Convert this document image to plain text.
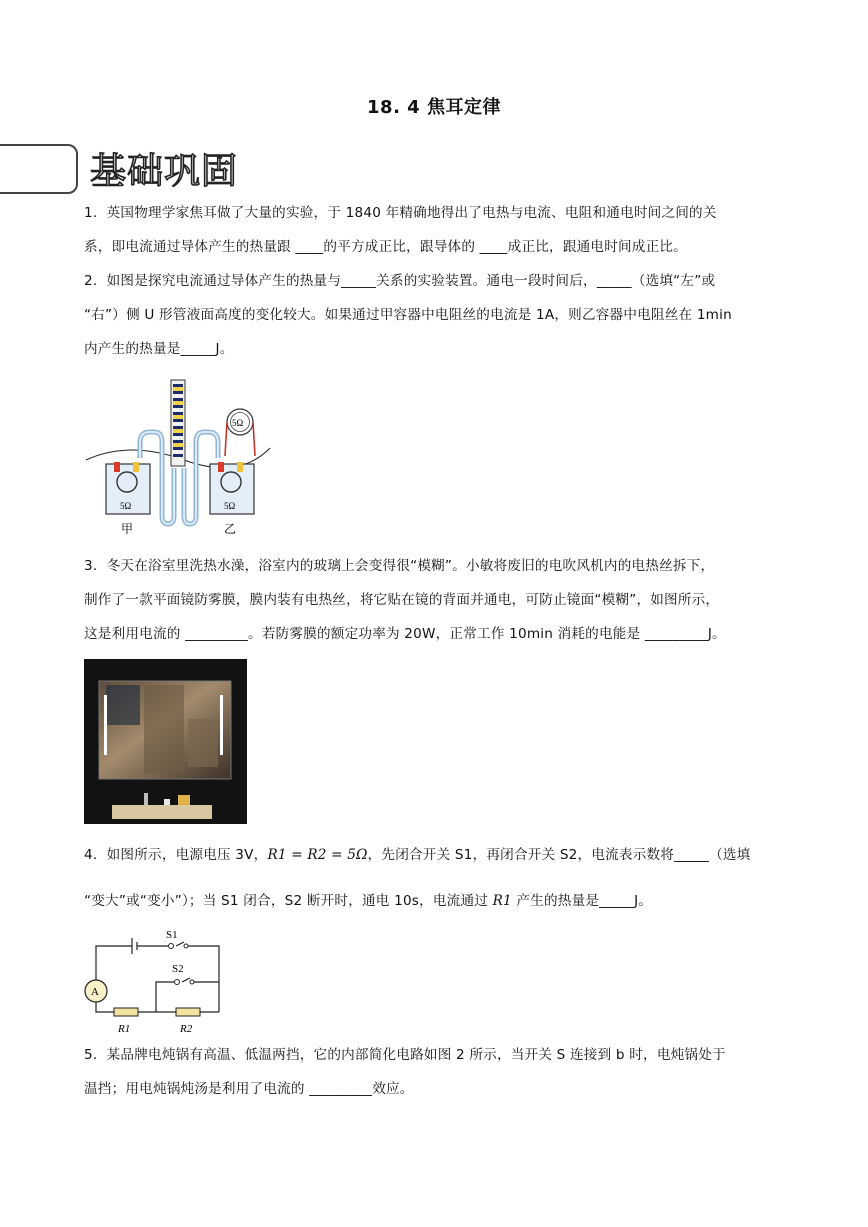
18. 4 焦耳定律
基础巩固

1．英国物理学家焦耳做了大量的实验，于 1840 年精确地得出了电热与电流、电阻和通电时间之间的关

系，即电流通过导体产生的热量跟 ____的平方成正比，跟导体的 ____成正比，跟通电时间成正比。

2．如图是探究电流通过导体产生的热量与_____关系的实验装置。通电一段时间后，_____（选填“左”或

“右”）侧 U 形管液面高度的变化较大。如果通过甲容器中电阻丝的电流是 1A，则乙容器中电阻丝在 1min

内产生的热量是_____J。

5Ω	5Ω
5Ω
甲	乙

3．冬天在浴室里洗热水澡，浴室内的玻璃上会变得很“模糊”。小敏将废旧的电吹风机内的电热丝拆下，

制作了一款平面镜防雾膜，膜内装有电热丝，将它贴在镜的背面并通电，可防止镜面“模糊”，如图所示，

这是利用电流的 _________。若防雾膜的额定功率为 20W，正常工作 10min 消耗的电能是 _________J。

4．如图所示，电源电压 3V，R1 = R2 = 5Ω，先闭合开关 S1，再闭合开关 S2，电流表示数将_____（选填

“变大”或“变小”）；当 S1 闭合，S2 断开时，通电 10s，电流通过 R1 产生的热量是_____J。

A
S1
S2
R1	R2

5．某品牌电炖锅有高温、低温两挡，它的内部简化电路如图 2 所示，当开关 S 连接到 b 时，电炖锅处于

温挡；用电炖锅炖汤是利用了电流的 _________效应。
